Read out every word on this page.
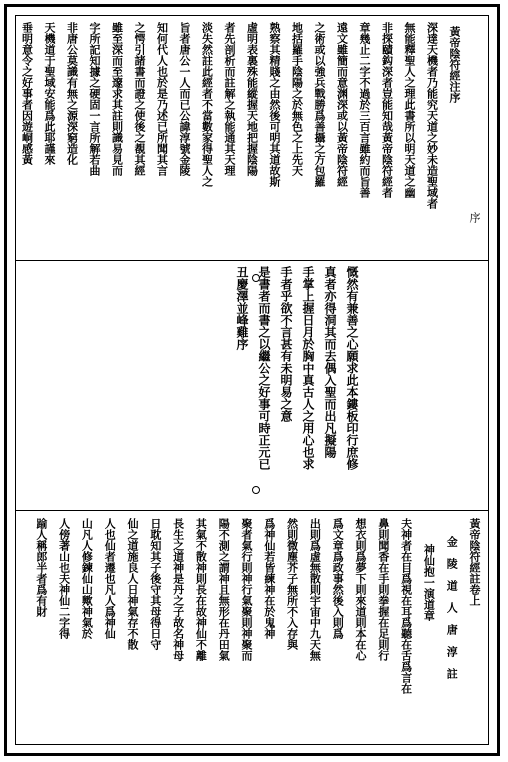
黃帝陰符經注序
深達天機者乃能究天道之妙未造聖域者
無能釋聖人之理此書所以明天道之幽
非探賾鈎深者豈能知哉黃帝陰符經者
章幾止二字不過於三百言雖約而旨善
遠文雖簡而意渊深或以黃帝陰符經
之術或以強兵戰勝爲善攝之方包羅
地括羅手陰陽之於無色之上先天
熟察其精賤之由然後可明其道故斯
虛明表裏殊能縱握天地把握陰陽
者先剖析而註解之執能通其天理
淡失然註此經者不當數家得聖人之
旨者唐公一人而已公諱淳號金陵
知何代人也於是乃述已所聞其言
之愕引諸書而證之使後之覩其經
雖至深而至邃求其註則識易見而
字所記知據之硬固一言所解若曲
非唐公莫識有無之源深窮造化
天機道于聖域安能爲此耶謹來
垂明意令之好事者因遊峒感黃
序
慨然有兼善之心願求此本鏤板印行庶修
真者亦得洞其而去偶入聖而出凡擬陽
手掌上握日月於胸中真古人之用心也求
手者乎欲不言甚有未明易之意
是書者而書之以繼公之好事可時正元已
丑慶澤並峰雞序
黃帝陰符經註卷上
金　陵　道　人　唐　淳　註
神仙抱一演道章
夫神者在目爲視在耳爲聽在舌爲言在
鼻則聞香在手則拳握在足則行
想衣則爲夢下則來道則本在心
爲文章爲政事然後入則爲
出則爲虛無散則宇宙中九天無
然則微塵芥子無所不入存與
爲神仙若皆練神在於鬼神
聚者氣行則神行氣聚則神聚而
陽不測之謂神且無形在丹田氣
其氣不散神則長在故神仙不離
長生之道神是丹之子故名神母
日耽知其子後守其母得日守
仙之道施良人日神氣存不散
人也仙者遷也凡人爲神仙
山凡人修鍊仙山歟神氣於
人傍著山也夫神仙二字得
踰人稱郎半者爲有財
